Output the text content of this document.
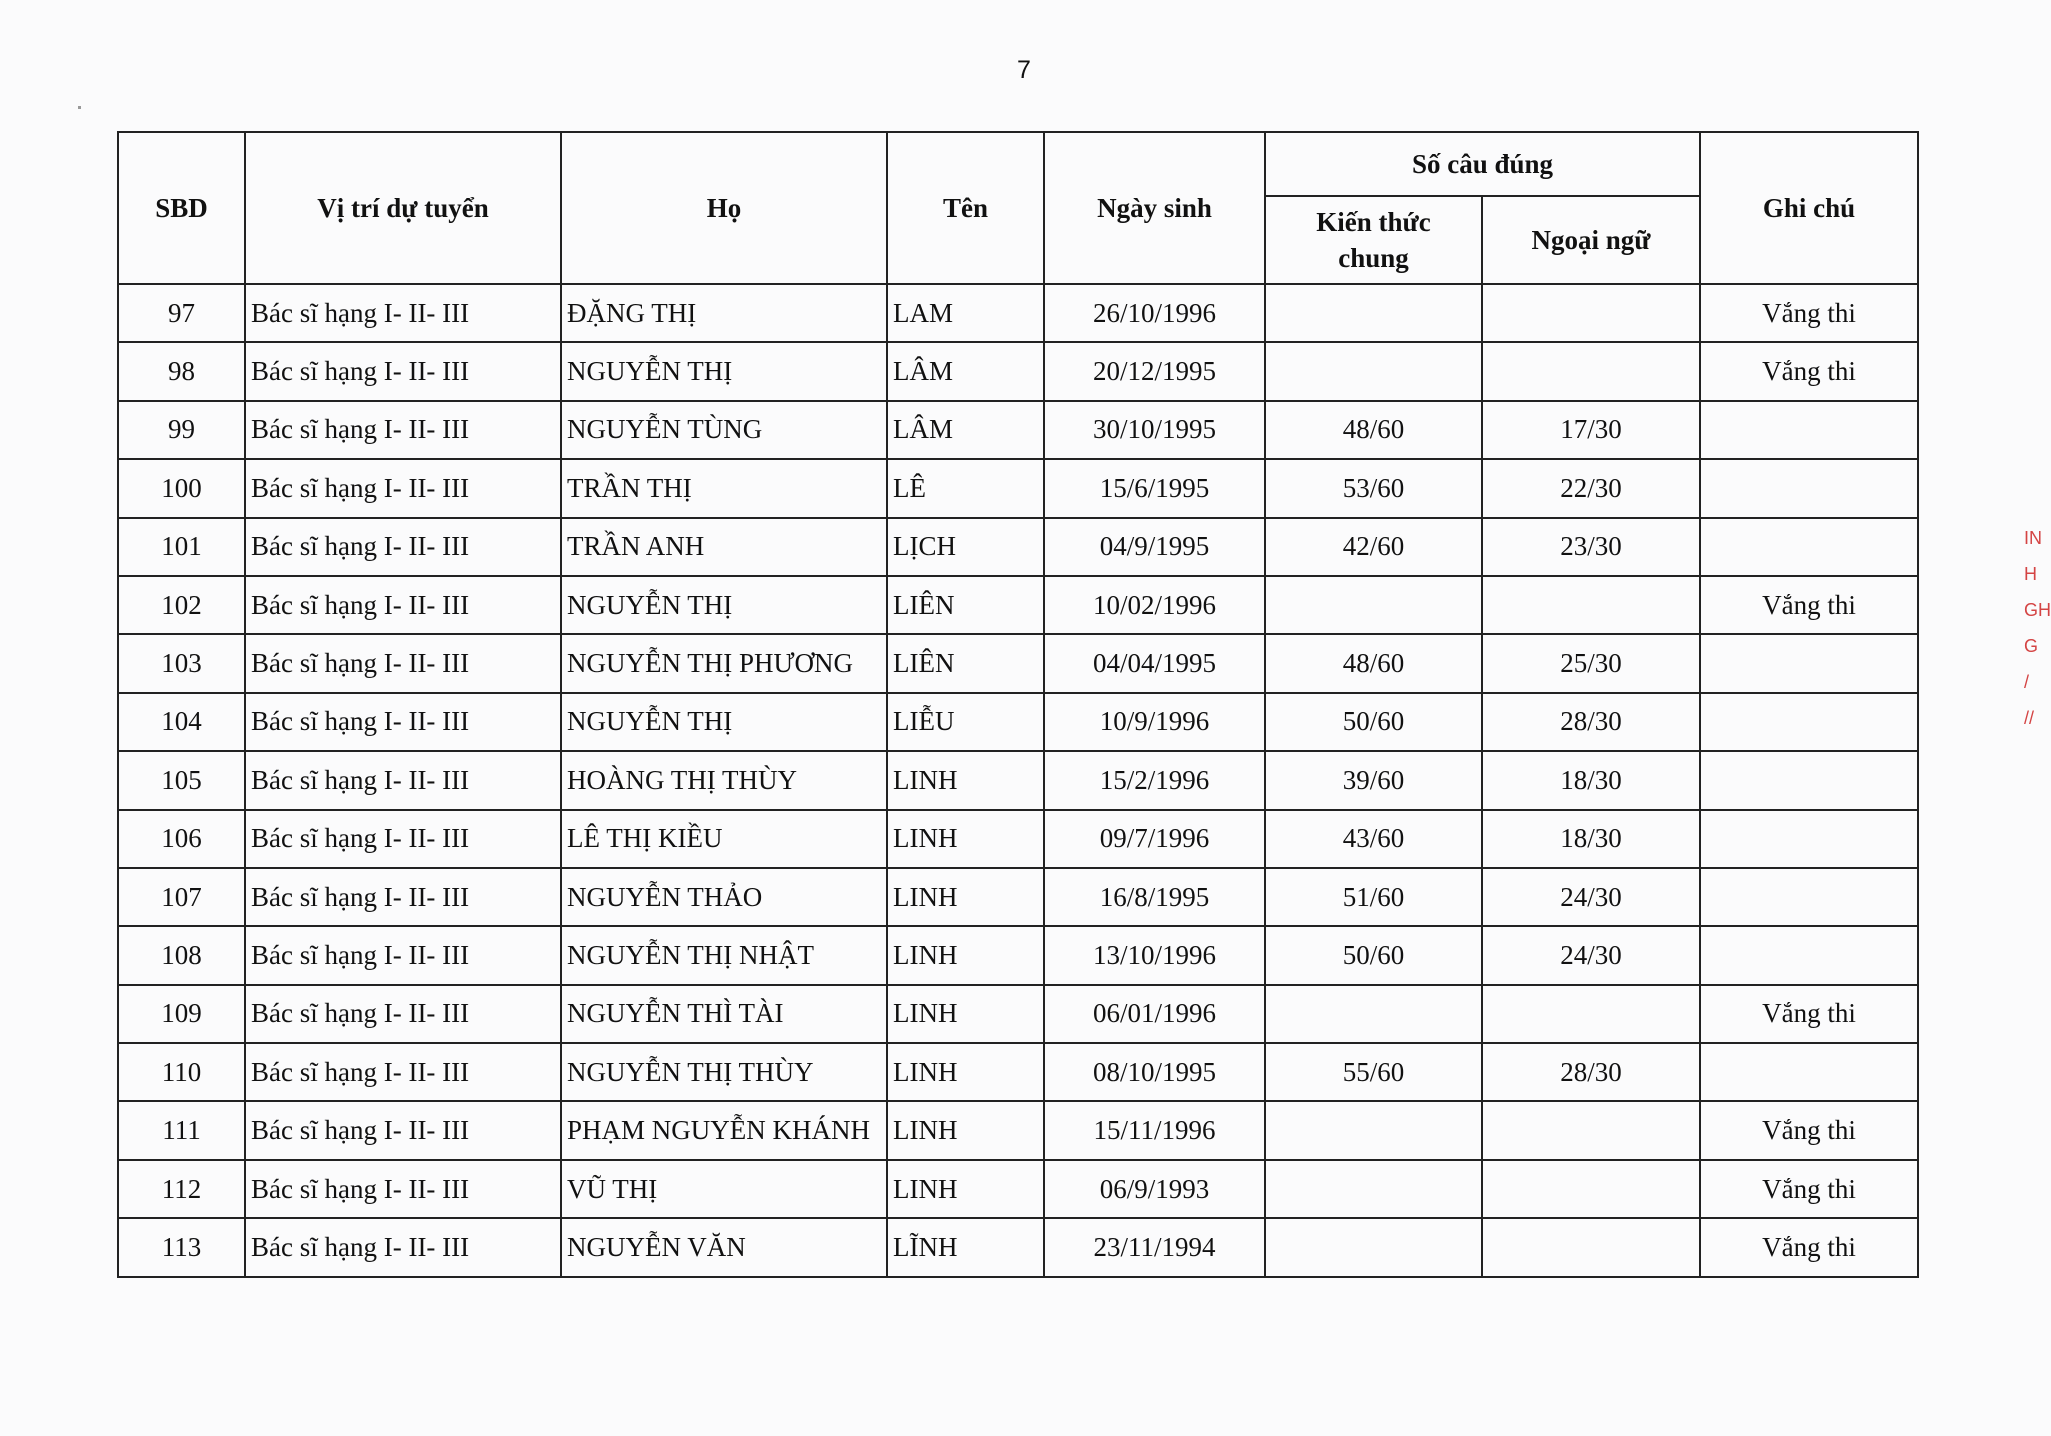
7
SBD	Vị trí dự tuyển	Họ	Tên	Ngày sinh	Số câu đúng		Ghi chú
					Kiến thức chung	Ngoại ngữ	
97	Bác sĩ hạng I- II- III	ĐẶNG THỊ	LAM	26/10/1996			Vắng thi
98	Bác sĩ hạng I- II- III	NGUYỄN THỊ	LÂM	20/12/1995			Vắng thi
99	Bác sĩ hạng I- II- III	NGUYỄN TÙNG	LÂM	30/10/1995	48/60	17/30	
100	Bác sĩ hạng I- II- III	TRẦN THỊ	LÊ	15/6/1995	53/60	22/30	
101	Bác sĩ hạng I- II- III	TRẦN ANH	LỊCH	04/9/1995	42/60	23/30	
102	Bác sĩ hạng I- II- III	NGUYỄN THỊ	LIÊN	10/02/1996			Vắng thi
103	Bác sĩ hạng I- II- III	NGUYỄN THỊ PHƯƠNG	LIÊN	04/04/1995	48/60	25/30	
104	Bác sĩ hạng I- II- III	NGUYỄN THỊ	LIỄU	10/9/1996	50/60	28/30	
105	Bác sĩ hạng I- II- III	HOÀNG THỊ THÙY	LINH	15/2/1996	39/60	18/30	
106	Bác sĩ hạng I- II- III	LÊ THỊ KIỀU	LINH	09/7/1996	43/60	18/30	
107	Bác sĩ hạng I- II- III	NGUYỄN THẢO	LINH	16/8/1995	51/60	24/30	
108	Bác sĩ hạng I- II- III	NGUYỄN THỊ NHẬT	LINH	13/10/1996	50/60	24/30	
109	Bác sĩ hạng I- II- III	NGUYỄN THÌ TÀI	LINH	06/01/1996			Vắng thi
110	Bác sĩ hạng I- II- III	NGUYỄN THỊ THÙY	LINH	08/10/1995	55/60	28/30	
111	Bác sĩ hạng I- II- III	PHẠM NGUYỄN KHÁNH	LINH	15/11/1996			Vắng thi
112	Bác sĩ hạng I- II- III	VŨ THỊ	LINH	06/9/1993			Vắng thi
113	Bác sĩ hạng I- II- III	NGUYỄN VĂN	LĨNH	23/11/1994			Vắng thi
IN
H
GH
G
/
//
